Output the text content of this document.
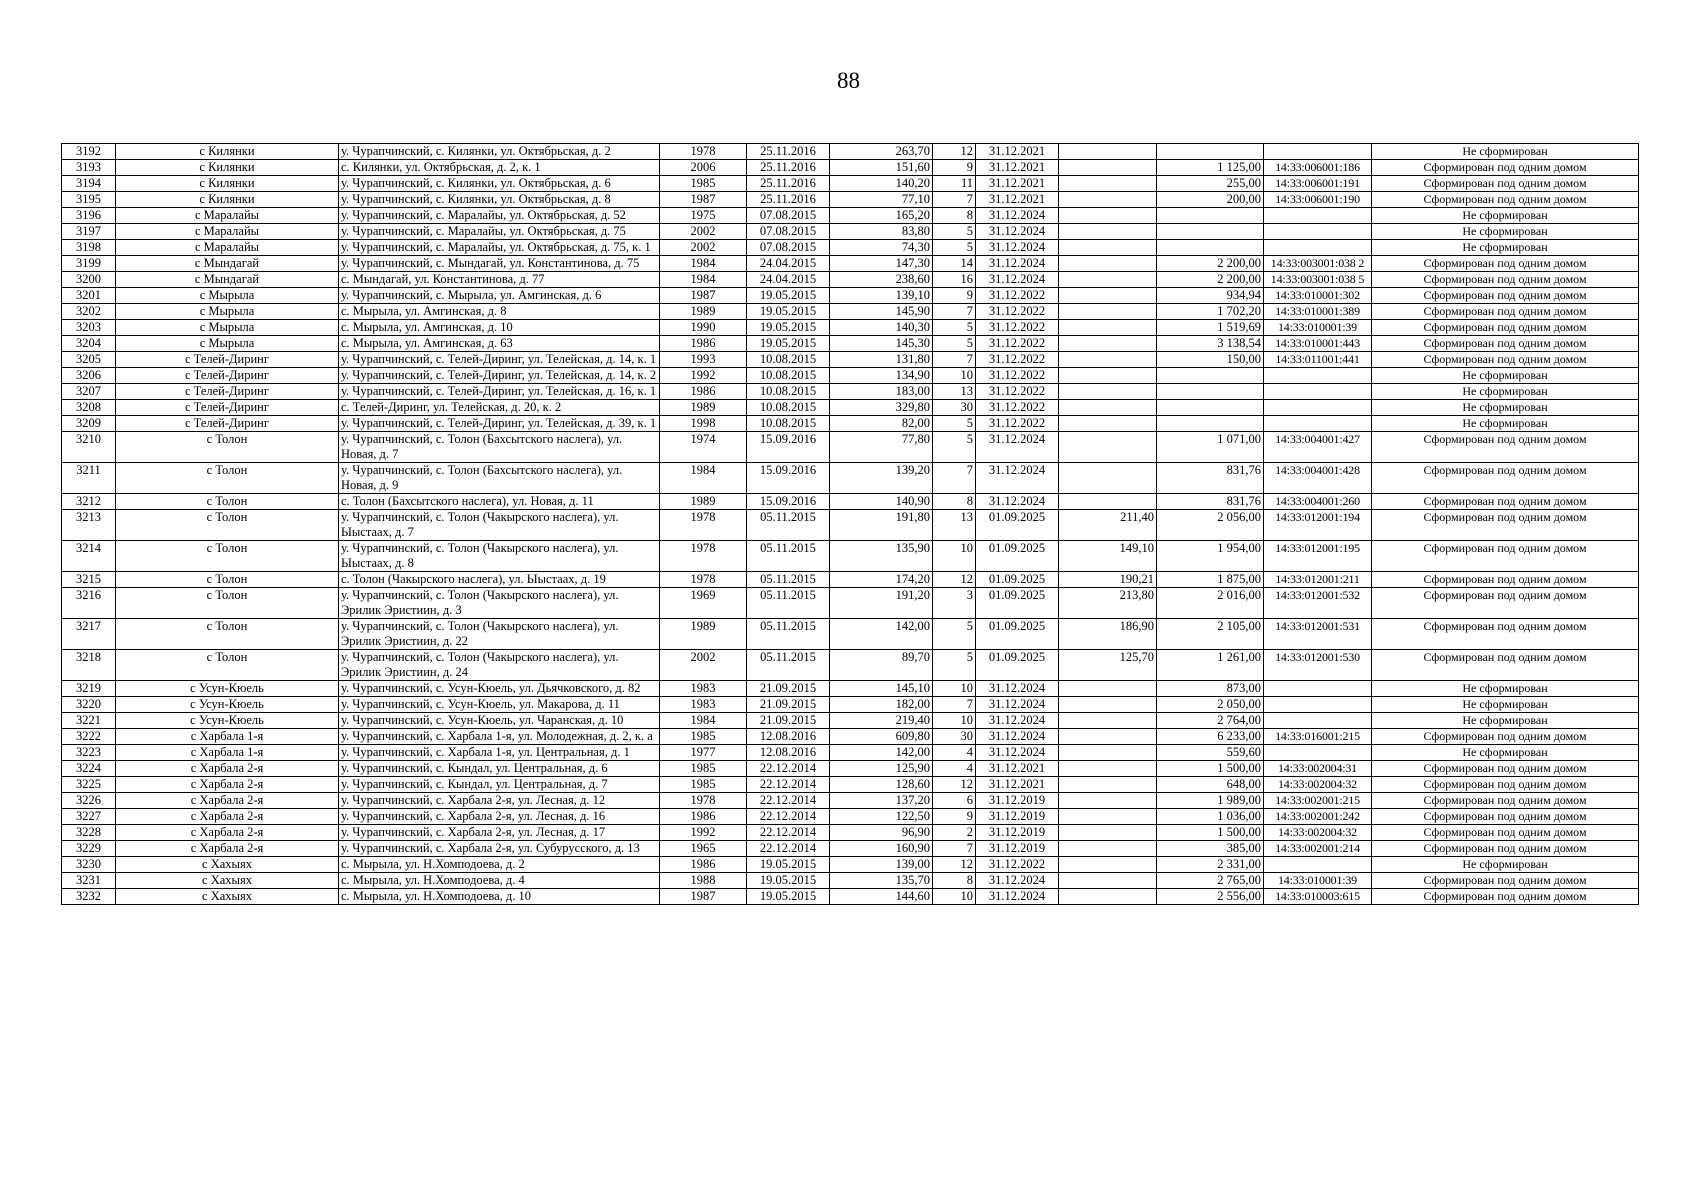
88
3192	с Килянки	у. Чурапчинский, с. Килянки, ул. Октябрьская, д. 2	1978	25.11.2016	263,70	12	31.12.2021				Не сформирован
3193	с Килянки	с. Килянки, ул. Октябрьская, д. 2, к. 1	2006	25.11.2016	151,60	9	31.12.2021		1 125,00	14:33:006001:186	Сформирован под одним домом
3194	с Килянки	у. Чурапчинский, с. Килянки, ул. Октябрьская, д. 6	1985	25.11.2016	140,20	11	31.12.2021		255,00	14:33:006001:191	Сформирован под одним домом
3195	с Килянки	у. Чурапчинский, с. Килянки, ул. Октябрьская, д. 8	1987	25.11.2016	77,10	7	31.12.2021		200,00	14:33:006001:190	Сформирован под одним домом
3196	с Маралайы	у. Чурапчинский, с. Маралайы, ул. Октябрьская, д. 52	1975	07.08.2015	165,20	8	31.12.2024				Не сформирован
3197	с Маралайы	у. Чурапчинский, с. Маралайы, ул. Октябрьская, д. 75	2002	07.08.2015	83,80	5	31.12.2024				Не сформирован
3198	с Маралайы	у. Чурапчинский, с. Маралайы, ул. Октябрьская, д. 75, к. 1	2002	07.08.2015	74,30	5	31.12.2024				Не сформирован
3199	с Мындагай	у. Чурапчинский, с. Мындагай, ул. Константинова, д. 75	1984	24.04.2015	147,30	14	31.12.2024		2 200,00	14:33:003001:038 2	Сформирован под одним домом
3200	с Мындагай	с. Мындагай, ул. Константинова, д. 77	1984	24.04.2015	238,60	16	31.12.2024		2 200,00	14:33:003001:038 5	Сформирован под одним домом
3201	с Мырыла	у. Чурапчинский, с. Мырыла, ул. Амгинская, д. 6	1987	19.05.2015	139,10	9	31.12.2022		934,94	14:33:010001:302	Сформирован под одним домом
3202	с Мырыла	с. Мырыла, ул. Амгинская, д. 8	1989	19.05.2015	145,90	7	31.12.2022		1 702,20	14:33:010001:389	Сформирован под одним домом
3203	с Мырыла	с. Мырыла, ул. Амгинская, д. 10	1990	19.05.2015	140,30	5	31.12.2022		1 519,69	14:33:010001:39	Сформирован под одним домом
3204	с Мырыла	с. Мырыла, ул. Амгинская, д. 63	1986	19.05.2015	145,30	5	31.12.2022		3 138,54	14:33:010001:443	Сформирован под одним домом
3205	с Телей-Диринг	у. Чурапчинский, с. Телей-Диринг, ул. Телейская, д. 14, к. 1	1993	10.08.2015	131,80	7	31.12.2022		150,00	14:33:011001:441	Сформирован под одним домом
3206	с Телей-Диринг	у. Чурапчинский, с. Телей-Диринг, ул. Телейская, д. 14, к. 2	1992	10.08.2015	134,90	10	31.12.2022				Не сформирован
3207	с Телей-Диринг	у. Чурапчинский, с. Телей-Диринг, ул. Телейская, д. 16, к. 1	1986	10.08.2015	183,00	13	31.12.2022				Не сформирован
3208	с Телей-Диринг	с. Телей-Диринг, ул. Телейская, д. 20, к. 2	1989	10.08.2015	329,80	30	31.12.2022				Не сформирован
3209	с Телей-Диринг	у. Чурапчинский, с. Телей-Диринг, ул. Телейская, д. 39, к. 1	1998	10.08.2015	82,00	5	31.12.2022				Не сформирован
3210	с Толон	у. Чурапчинский, с. Толон (Бахсытского наслега), ул. Новая, д. 7	1974	15.09.2016	77,80	5	31.12.2024		1 071,00	14:33:004001:427	Сформирован под одним домом
3211	с Толон	у. Чурапчинский, с. Толон (Бахсытского наслега), ул. Новая, д. 9	1984	15.09.2016	139,20	7	31.12.2024		831,76	14:33:004001:428	Сформирован под одним домом
3212	с Толон	с. Толон (Бахсытского наслега), ул. Новая, д. 11	1989	15.09.2016	140,90	8	31.12.2024		831,76	14:33:004001:260	Сформирован под одним домом
3213	с Толон	у. Чурапчинский, с. Толон (Чакырского наслега), ул. Ыыстаах, д. 7	1978	05.11.2015	191,80	13	01.09.2025	211,40	2 056,00	14:33:012001:194	Сформирован под одним домом
3214	с Толон	у. Чурапчинский, с. Толон (Чакырского наслега), ул. Ыыстаах, д. 8	1978	05.11.2015	135,90	10	01.09.2025	149,10	1 954,00	14:33:012001:195	Сформирован под одним домом
3215	с Толон	с. Толон (Чакырского наслега), ул. Ыыстаах, д. 19	1978	05.11.2015	174,20	12	01.09.2025	190,21	1 875,00	14:33:012001:211	Сформирован под одним домом
3216	с Толон	у. Чурапчинский, с. Толон (Чакырского наслега), ул. Эрилик Эристиин, д. 3	1969	05.11.2015	191,20	3	01.09.2025	213,80	2 016,00	14:33:012001:532	Сформирован под одним домом
3217	с Толон	у. Чурапчинский, с. Толон (Чакырского наслега), ул. Эрилик Эристиин, д. 22	1989	05.11.2015	142,00	5	01.09.2025	186,90	2 105,00	14:33:012001:531	Сформирован под одним домом
3218	с Толон	у. Чурапчинский, с. Толон (Чакырского наслега), ул. Эрилик Эристиин, д. 24	2002	05.11.2015	89,70	5	01.09.2025	125,70	1 261,00	14:33:012001:530	Сформирован под одним домом
3219	с Усун-Кюель	у. Чурапчинский, с. Усун-Кюель, ул. Дьячковского, д. 82	1983	21.09.2015	145,10	10	31.12.2024		873,00		Не сформирован
3220	с Усун-Кюель	у. Чурапчинский, с. Усун-Кюель, ул. Макарова, д. 11	1983	21.09.2015	182,00	7	31.12.2024		2 050,00		Не сформирован
3221	с Усун-Кюель	у. Чурапчинский, с. Усун-Кюель, ул. Чаранская, д. 10	1984	21.09.2015	219,40	10	31.12.2024		2 764,00		Не сформирован
3222	с Харбала 1-я	у. Чурапчинский, с. Харбала 1-я, ул. Молодежная, д. 2, к. а	1985	12.08.2016	609,80	30	31.12.2024		6 233,00	14:33:016001:215	Сформирован под одним домом
3223	с Харбала 1-я	у. Чурапчинский, с. Харбала 1-я, ул. Центральная, д. 1	1977	12.08.2016	142,00	4	31.12.2024		559,60		Не сформирован
3224	с Харбала 2-я	у. Чурапчинский, с. Кындал, ул. Центральная, д. 6	1985	22.12.2014	125,90	4	31.12.2021		1 500,00	14:33:002004:31	Сформирован под одним домом
3225	с Харбала 2-я	у. Чурапчинский, с. Кындал, ул. Центральная, д. 7	1985	22.12.2014	128,60	12	31.12.2021		648,00	14:33:002004:32	Сформирован под одним домом
3226	с Харбала 2-я	у. Чурапчинский, с. Харбала 2-я, ул. Лесная, д. 12	1978	22.12.2014	137,20	6	31.12.2019		1 989,00	14:33:002001:215	Сформирован под одним домом
3227	с Харбала 2-я	у. Чурапчинский, с. Харбала 2-я, ул. Лесная, д. 16	1986	22.12.2014	122,50	9	31.12.2019		1 036,00	14:33:002001:242	Сформирован под одним домом
3228	с Харбала 2-я	у. Чурапчинский, с. Харбала 2-я, ул. Лесная, д. 17	1992	22.12.2014	96,90	2	31.12.2019		1 500,00	14:33:002004:32	Сформирован под одним домом
3229	с Харбала 2-я	у. Чурапчинский, с. Харбала 2-я, ул. Субурусского, д. 13	1965	22.12.2014	160,90	7	31.12.2019		385,00	14:33:002001:214	Сформирован под одним домом
3230	с Хахыях	с. Мырыла, ул. Н.Хомподоева, д. 2	1986	19.05.2015	139,00	12	31.12.2022		2 331,00		Не сформирован
3231	с Хахыях	с. Мырыла, ул. Н.Хомподоева, д. 4	1988	19.05.2015	135,70	8	31.12.2024		2 765,00	14:33:010001:39	Сформирован под одним домом
3232	с Хахыях	с. Мырыла, ул. Н.Хомподоева, д. 10	1987	19.05.2015	144,60	10	31.12.2024		2 556,00	14:33:010003:615	Сформирован под одним домом
